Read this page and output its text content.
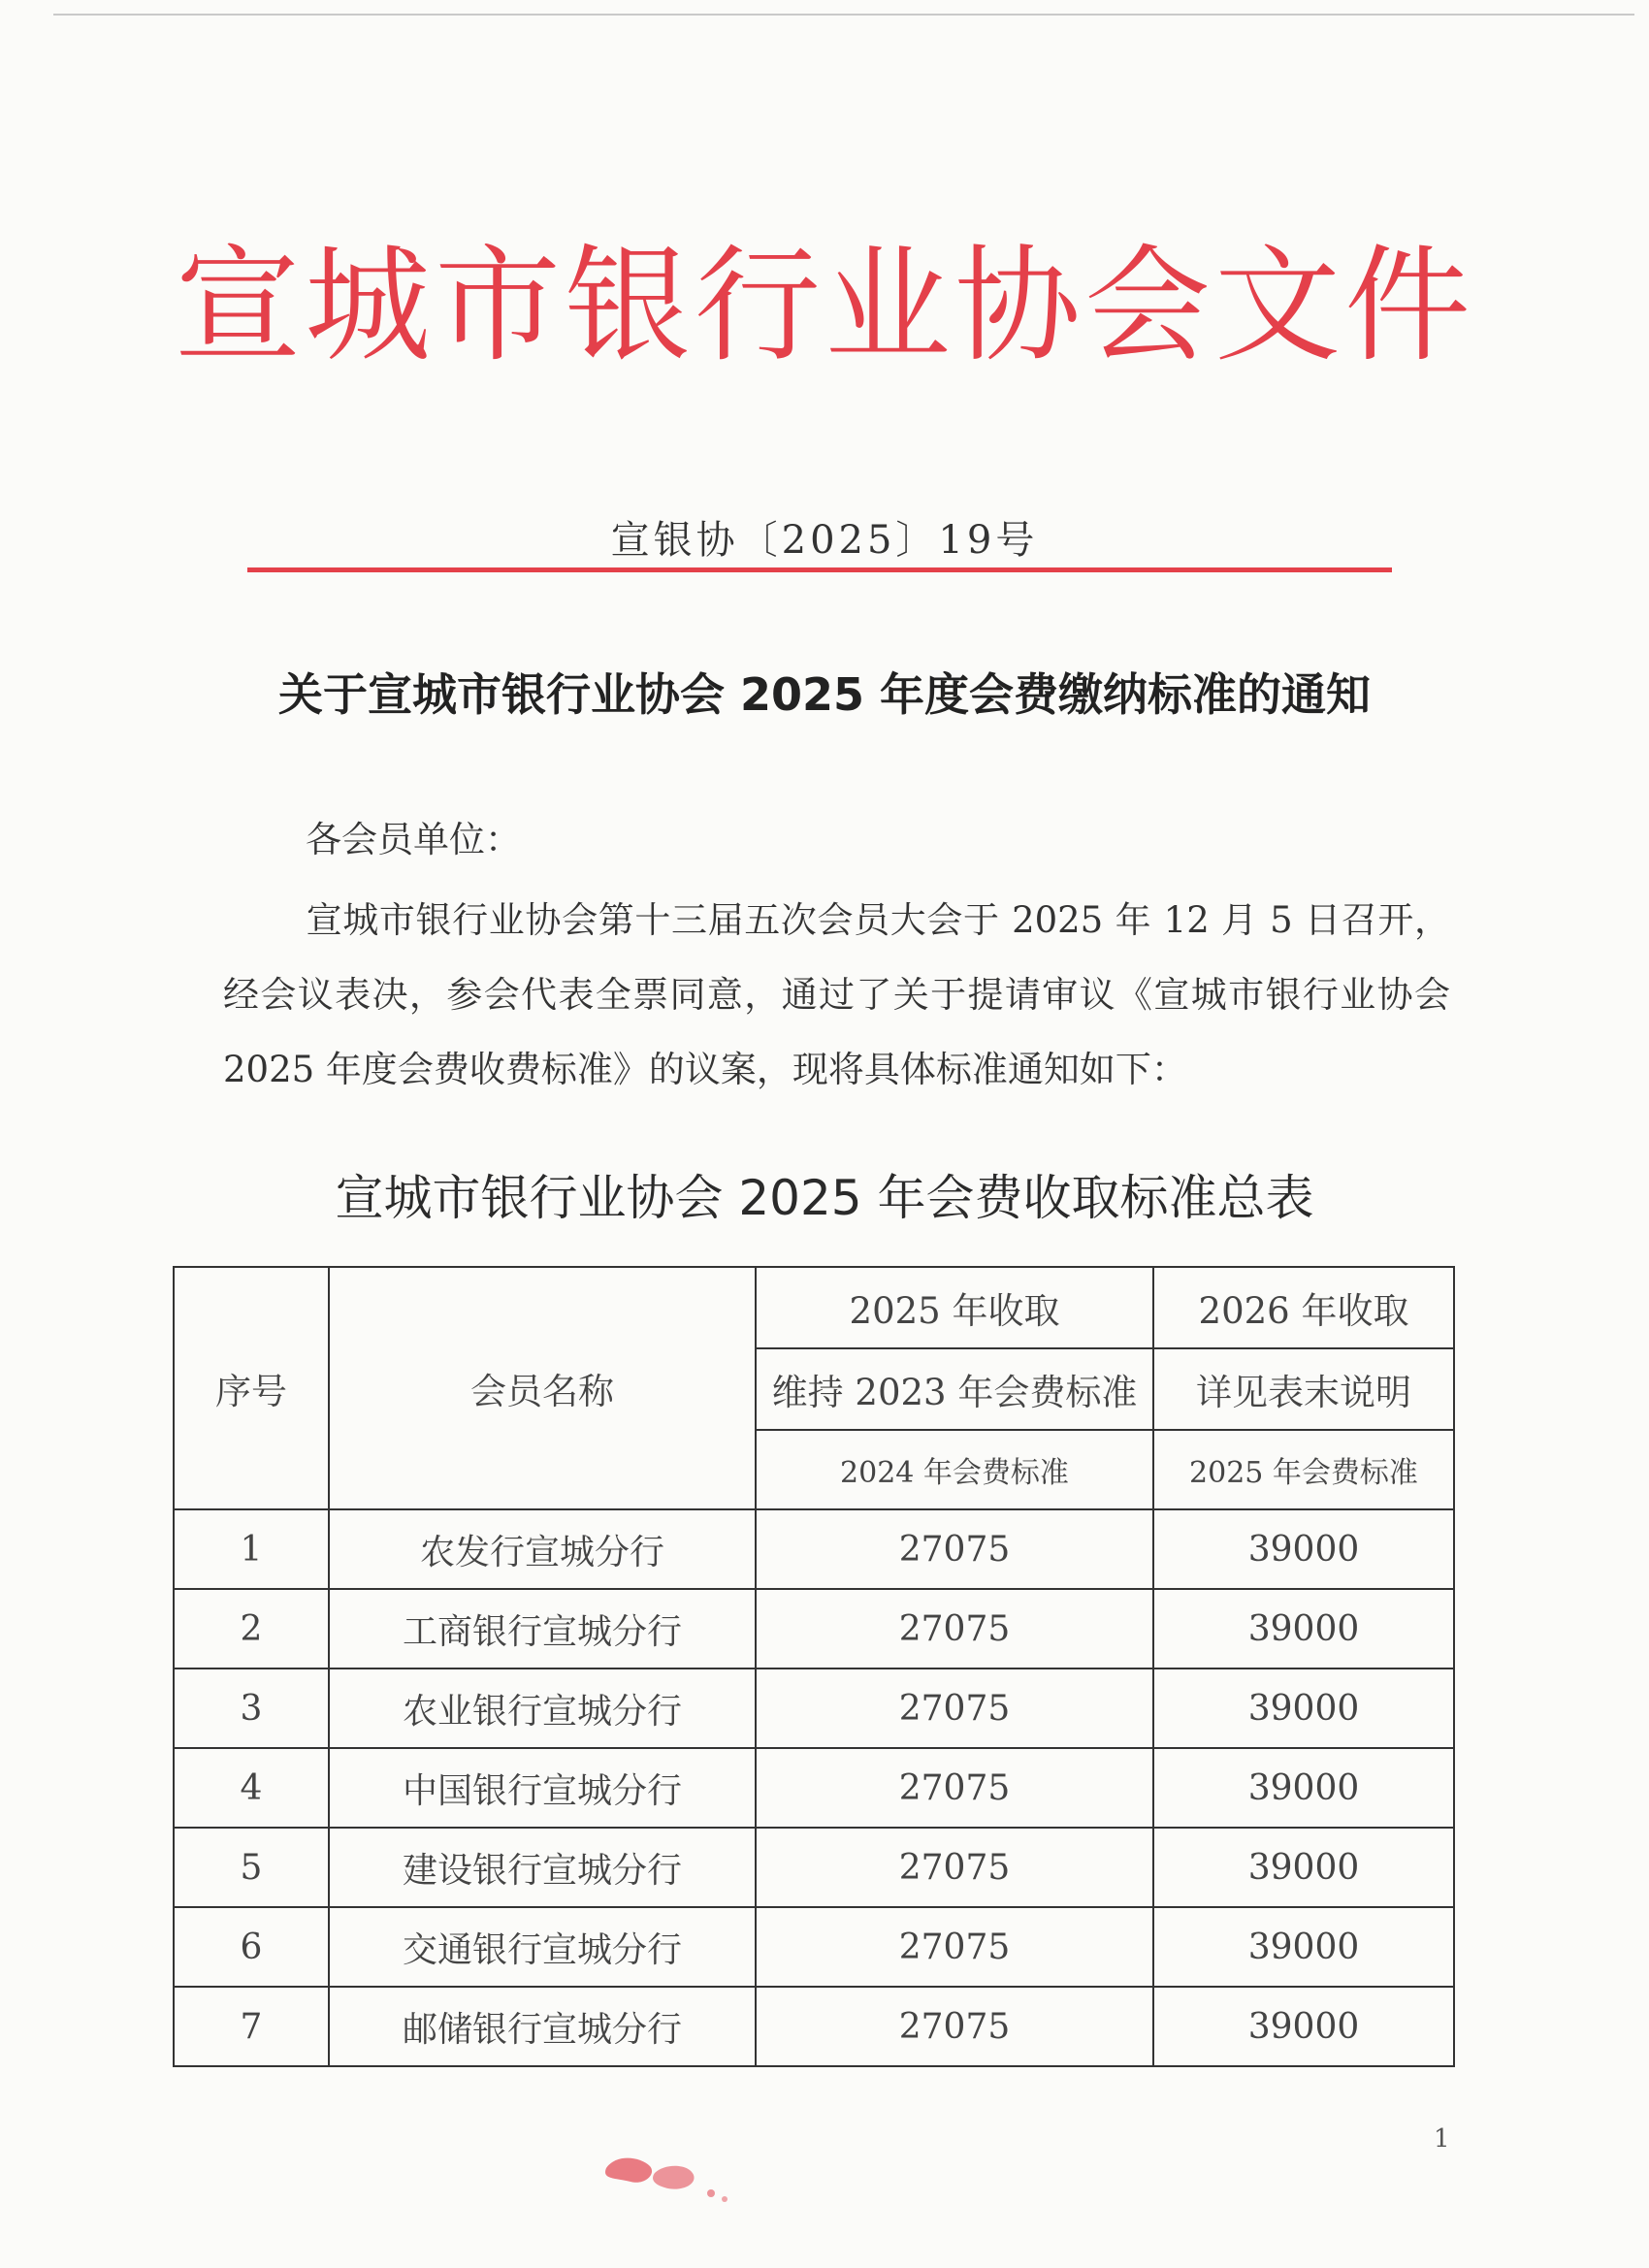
宣城市银行业协会文件
宣银协〔2025〕19号
关于宣城市银行业协会 2025 年度会费缴纳标准的通知
各会员单位：
宣城市银行业协会第十三届五次会员大会于 2025 年 12 月 5 日召开，经会议表决，参会代表全票同意，通过了关于提请审议《宣城市银行业协会 2025 年度会费收费标准》的议案，现将具体标准通知如下：
宣城市银行业协会 2025 年会费收取标准总表
序号	会员名称	2025 年收取	2026 年收取
		维持 2023 年会费标准	详见表末说明
		2024 年会费标准	2025 年会费标准
1	农发行宣城分行	27075	39000
2	工商银行宣城分行	27075	39000
3	农业银行宣城分行	27075	39000
4	中国银行宣城分行	27075	39000
5	建设银行宣城分行	27075	39000
6	交通银行宣城分行	27075	39000
7	邮储银行宣城分行	27075	39000
1
